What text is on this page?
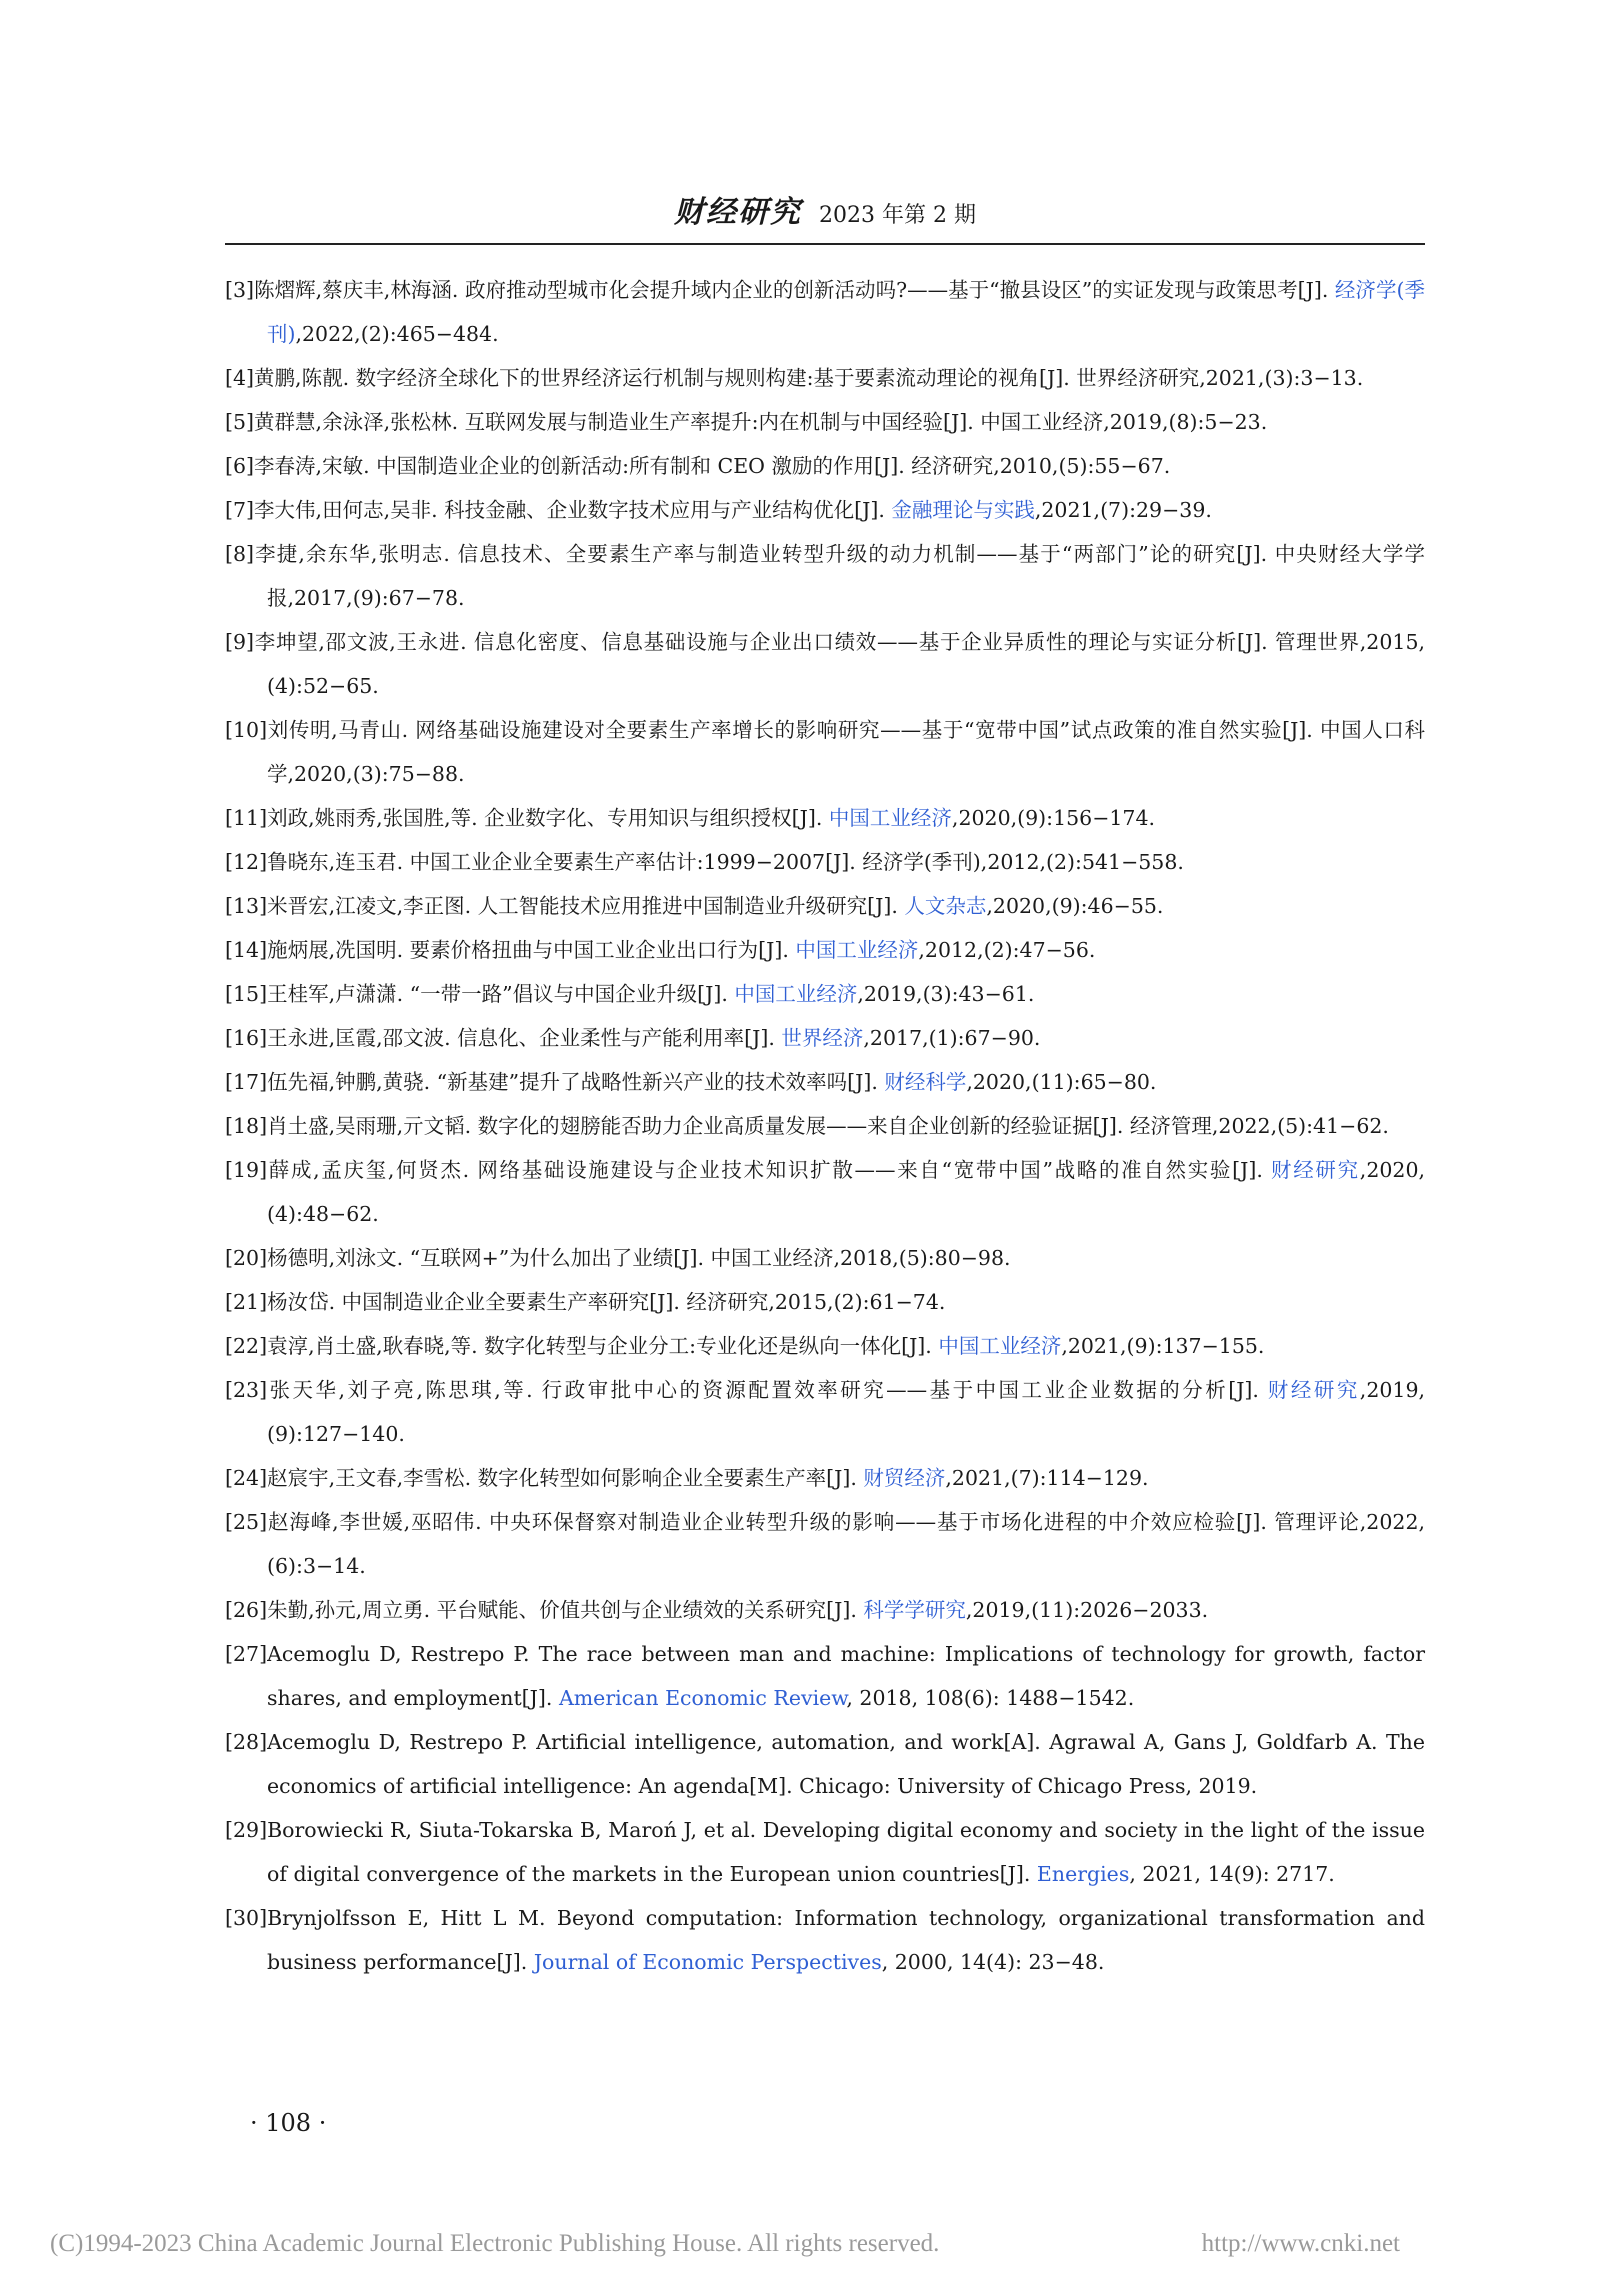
财经研究 2023 年第 2 期
[3]陈熠辉,蔡庆丰,林海涵. 政府推动型城市化会提升域内企业的创新活动吗?——基于“撤县设区”的实证发现与政策思考[J]. 经济学(季刊),2022,(2):465−484.
[4]黄鹏,陈靓. 数字经济全球化下的世界经济运行机制与规则构建:基于要素流动理论的视角[J]. 世界经济研究,2021,(3):3−13.
[5]黄群慧,余泳泽,张松林. 互联网发展与制造业生产率提升:内在机制与中国经验[J]. 中国工业经济,2019,(8):5−23.
[6]李春涛,宋敏. 中国制造业企业的创新活动:所有制和 CEO 激励的作用[J]. 经济研究,2010,(5):55−67.
[7]李大伟,田何志,吴非. 科技金融、企业数字技术应用与产业结构优化[J]. 金融理论与实践,2021,(7):29−39.
[8]李捷,余东华,张明志. 信息技术、全要素生产率与制造业转型升级的动力机制——基于“两部门”论的研究[J]. 中央财经大学学报,2017,(9):67−78.
[9]李坤望,邵文波,王永进. 信息化密度、信息基础设施与企业出口绩效——基于企业异质性的理论与实证分析[J]. 管理世界,2015,(4):52−65.
[10]刘传明,马青山. 网络基础设施建设对全要素生产率增长的影响研究——基于“宽带中国”试点政策的准自然实验[J]. 中国人口科学,2020,(3):75−88.
[11]刘政,姚雨秀,张国胜,等. 企业数字化、专用知识与组织授权[J]. 中国工业经济,2020,(9):156−174.
[12]鲁晓东,连玉君. 中国工业企业全要素生产率估计:1999−2007[J]. 经济学(季刊),2012,(2):541−558.
[13]米晋宏,江凌文,李正图. 人工智能技术应用推进中国制造业升级研究[J]. 人文杂志,2020,(9):46−55.
[14]施炳展,冼国明. 要素价格扭曲与中国工业企业出口行为[J]. 中国工业经济,2012,(2):47−56.
[15]王桂军,卢潇潇. “一带一路”倡议与中国企业升级[J]. 中国工业经济,2019,(3):43−61.
[16]王永进,匡霞,邵文波. 信息化、企业柔性与产能利用率[J]. 世界经济,2017,(1):67−90.
[17]伍先福,钟鹏,黄骁. “新基建”提升了战略性新兴产业的技术效率吗[J]. 财经科学,2020,(11):65−80.
[18]肖土盛,吴雨珊,亓文韬. 数字化的翅膀能否助力企业高质量发展——来自企业创新的经验证据[J]. 经济管理,2022,(5):41−62.
[19]薛成,孟庆玺,何贤杰. 网络基础设施建设与企业技术知识扩散——来自“宽带中国”战略的准自然实验[J]. 财经研究,2020,(4):48−62.
[20]杨德明,刘泳文. “互联网+”为什么加出了业绩[J]. 中国工业经济,2018,(5):80−98.
[21]杨汝岱. 中国制造业企业全要素生产率研究[J]. 经济研究,2015,(2):61−74.
[22]袁淳,肖土盛,耿春晓,等. 数字化转型与企业分工:专业化还是纵向一体化[J]. 中国工业经济,2021,(9):137−155.
[23]张天华,刘子亮,陈思琪,等. 行政审批中心的资源配置效率研究——基于中国工业企业数据的分析[J]. 财经研究,2019,(9):127−140.
[24]赵宸宇,王文春,李雪松. 数字化转型如何影响企业全要素生产率[J]. 财贸经济,2021,(7):114−129.
[25]赵海峰,李世媛,巫昭伟. 中央环保督察对制造业企业转型升级的影响——基于市场化进程的中介效应检验[J]. 管理评论,2022,(6):3−14.
[26]朱勤,孙元,周立勇. 平台赋能、价值共创与企业绩效的关系研究[J]. 科学学研究,2019,(11):2026−2033.
[27]Acemoglu D, Restrepo P. The race between man and machine: Implications of technology for growth, factor shares, and employment[J]. American Economic Review, 2018, 108(6): 1488−1542.
[28]Acemoglu D, Restrepo P. Artificial intelligence, automation, and work[A]. Agrawal A, Gans J, Goldfarb A. The economics of artificial intelligence: An agenda[M]. Chicago: University of Chicago Press, 2019.
[29]Borowiecki R, Siuta-Tokarska B, Maroń J, et al. Developing digital economy and society in the light of the issue of digital convergence of the markets in the European union countries[J]. Energies, 2021, 14(9): 2717.
[30]Brynjolfsson E, Hitt L M. Beyond computation: Information technology, organizational transformation and business performance[J]. Journal of Economic Perspectives, 2000, 14(4): 23−48.
· 108 ·
(C)1994-2023 China Academic Journal Electronic Publishing House. All rights reserved.	http://www.cnki.net
